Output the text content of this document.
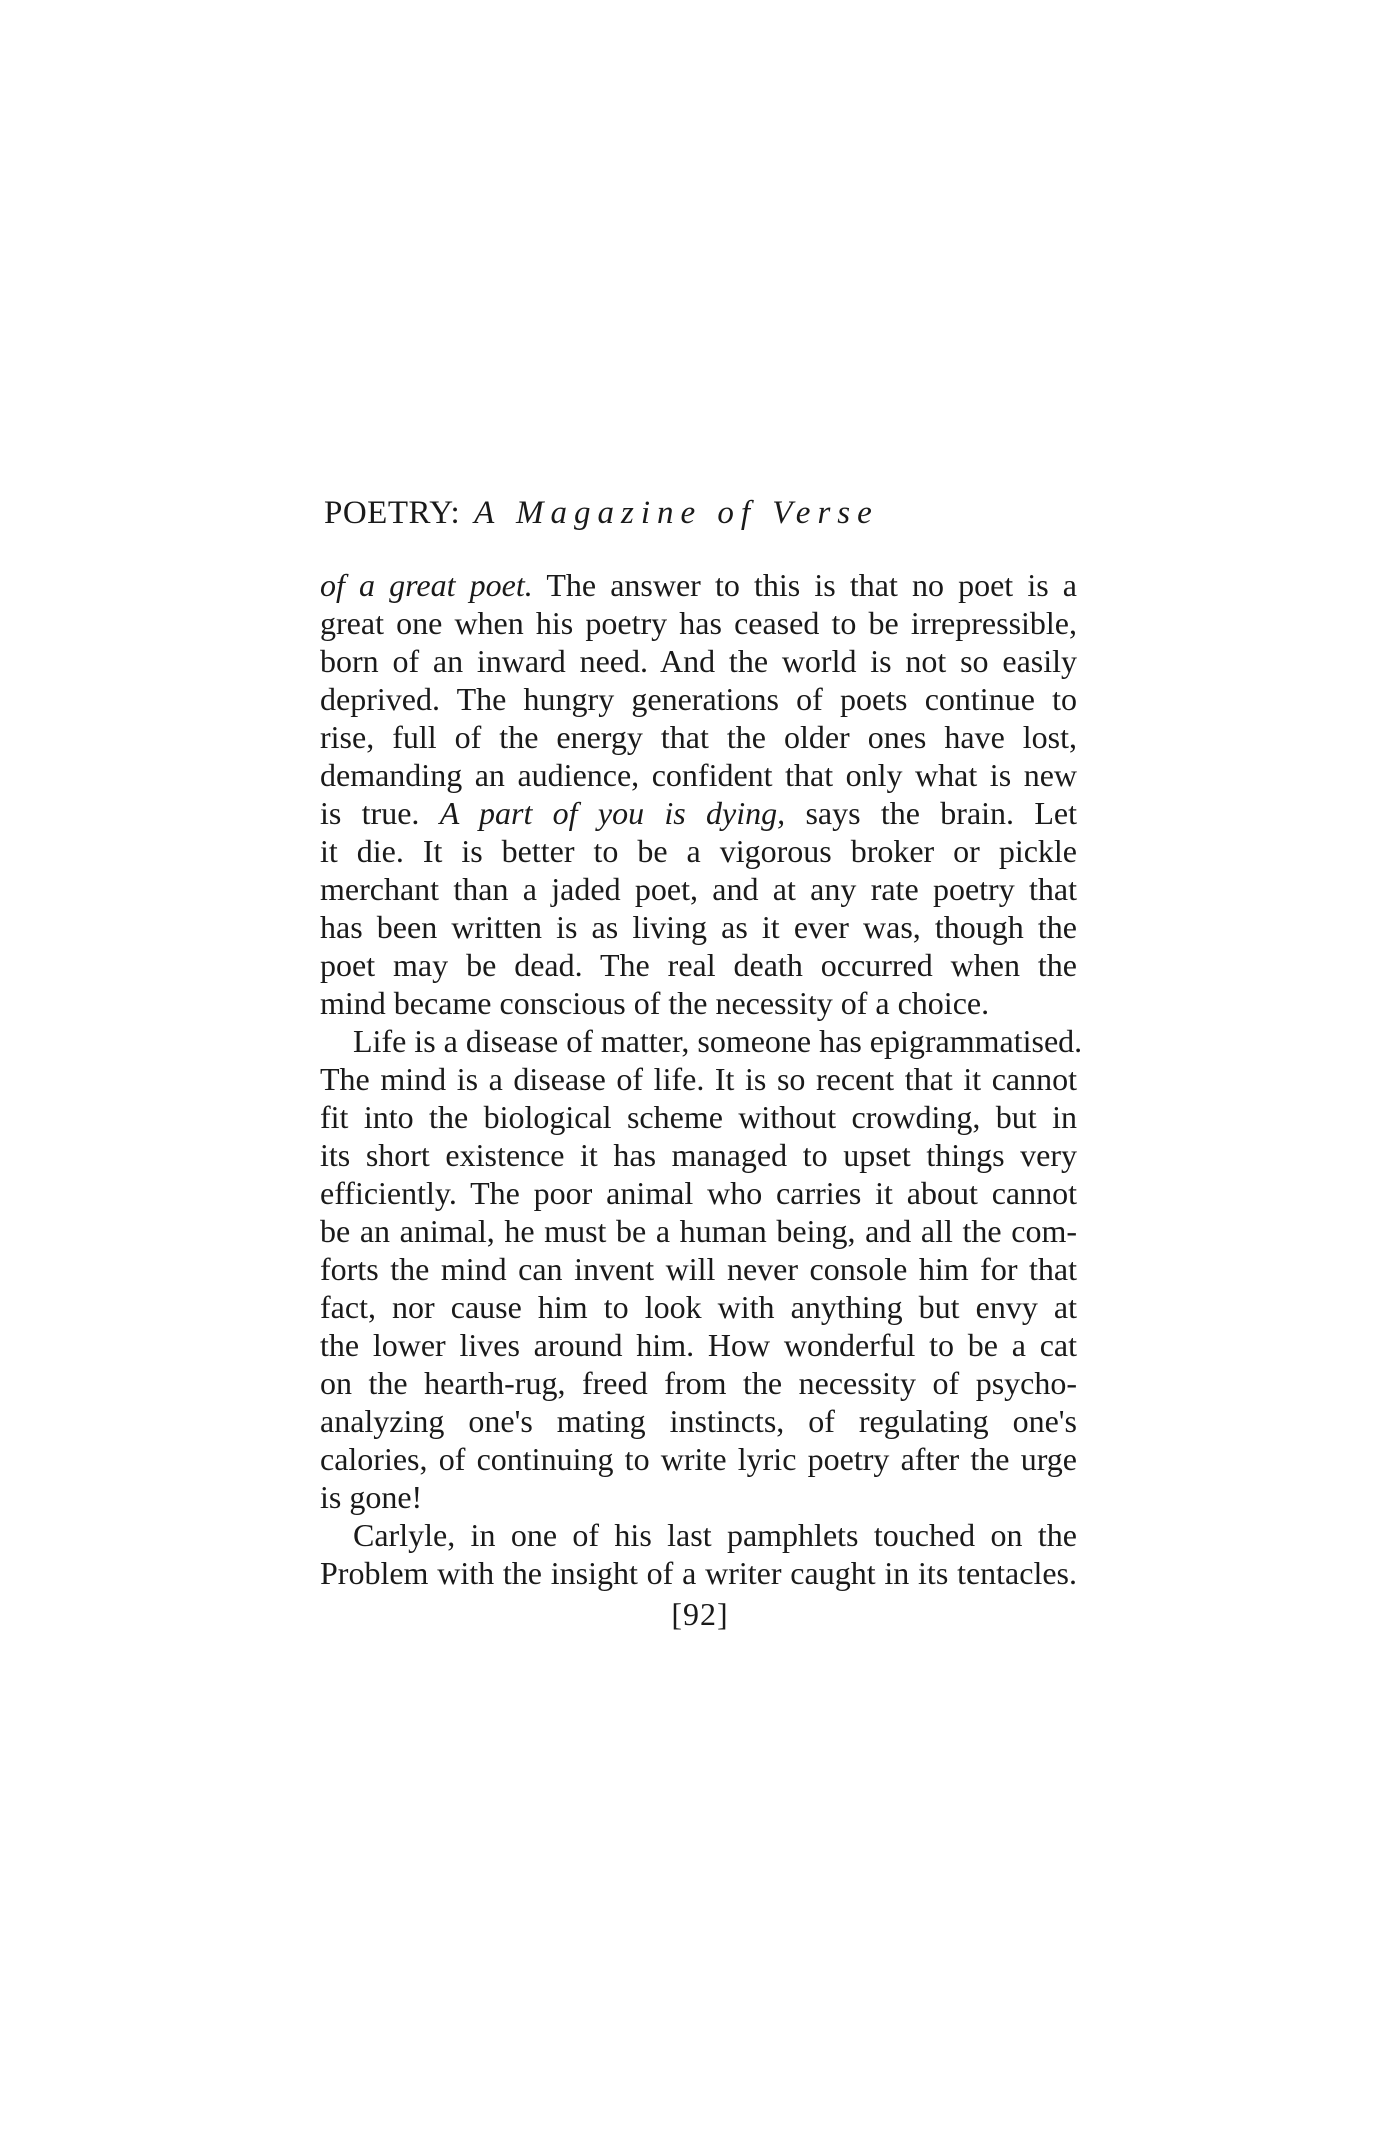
POETRY: A Magazine of Verse
of a great poet. The answer to this is that no poet is a
great one when his poetry has ceased to be irrepressible,
born of an inward need. And the world is not so easily
deprived. The hungry generations of poets continue to
rise, full of the energy that the older ones have lost,
demanding an audience, confident that only what is new
is true. A part of you is dying, says the brain. Let
it die. It is better to be a vigorous broker or pickle
merchant than a jaded poet, and at any rate poetry that
has been written is as living as it ever was, though the
poet may be dead. The real death occurred when the
mind became conscious of the necessity of a choice.
Life is a disease of matter, someone has epigrammatised.
The mind is a disease of life. It is so recent that it cannot
fit into the biological scheme without crowding, but in
its short existence it has managed to upset things very
efficiently. The poor animal who carries it about cannot
be an animal, he must be a human being, and all the com-
forts the mind can invent will never console him for that
fact, nor cause him to look with anything but envy at
the lower lives around him. How wonderful to be a cat
on the hearth-rug, freed from the necessity of psycho-
analyzing one's mating instincts, of regulating one's
calories, of continuing to write lyric poetry after the urge
is gone!
Carlyle, in one of his last pamphlets touched on the
Problem with the insight of a writer caught in its tentacles.
[92]
